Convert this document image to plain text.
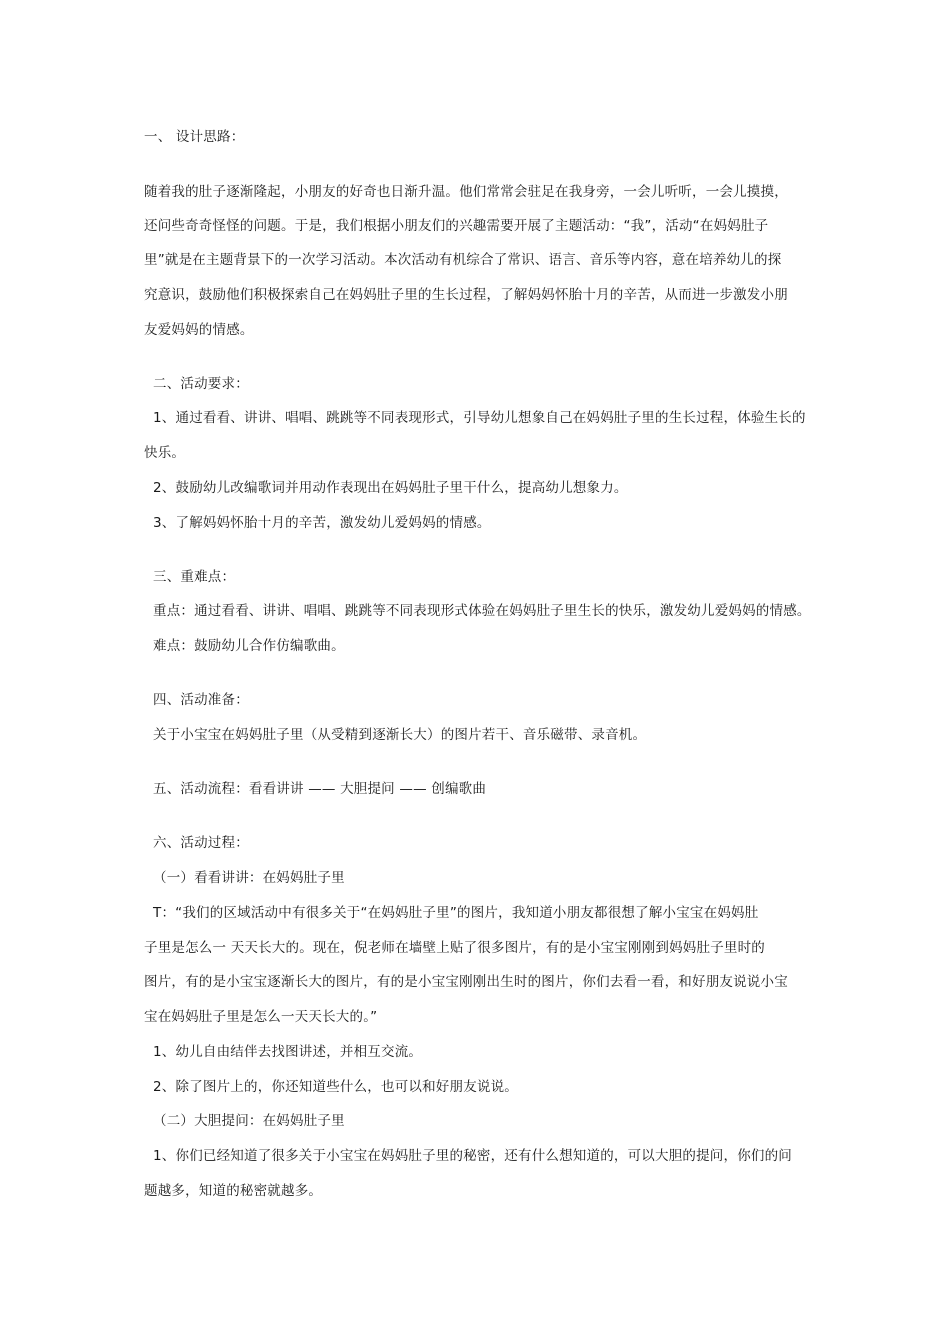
一、 设计思路：
随着我的肚子逐渐隆起，小朋友的好奇也日渐升温。他们常常会驻足在我身旁，一会儿听听，一会儿摸摸，
还问些奇奇怪怪的问题。于是，我们根据小朋友们的兴趣需要开展了主题活动：“我”，活动“在妈妈肚子
里”就是在主题背景下的一次学习活动。本次活动有机综合了常识、语言、音乐等内容，意在培养幼儿的探
究意识，鼓励他们积极探索自己在妈妈肚子里的生长过程，了解妈妈怀胎十月的辛苦，从而进一步激发小朋
友爱妈妈的情感。
二、活动要求：
1、通过看看、讲讲、唱唱、跳跳等不同表现形式，引导幼儿想象自己在妈妈肚子里的生长过程，体验生长的
快乐。
2、鼓励幼儿改编歌词并用动作表现出在妈妈肚子里干什么，提高幼儿想象力。
3、了解妈妈怀胎十月的辛苦，激发幼儿爱妈妈的情感。
三、重难点：
重点：通过看看、讲讲、唱唱、跳跳等不同表现形式体验在妈妈肚子里生长的快乐，激发幼儿爱妈妈的情感。
难点：鼓励幼儿合作仿编歌曲。
四、活动准备：
关于小宝宝在妈妈肚子里（从受精到逐渐长大）的图片若干、音乐磁带、录音机。
五、活动流程：看看讲讲 —— 大胆提问 —— 创编歌曲
六、活动过程：
（一）看看讲讲：在妈妈肚子里
T：“我们的区域活动中有很多关于“在妈妈肚子里”的图片，我知道小朋友都很想了解小宝宝在妈妈肚
子里是怎么一 天天长大的。现在，倪老师在墙壁上贴了很多图片，有的是小宝宝刚刚到妈妈肚子里时的
图片，有的是小宝宝逐渐长大的图片，有的是小宝宝刚刚出生时的图片，你们去看一看，和好朋友说说小宝
宝在妈妈肚子里是怎么一天天长大的。”
1、幼儿自由结伴去找图讲述，并相互交流。
2、除了图片上的，你还知道些什么，也可以和好朋友说说。
（二）大胆提问：在妈妈肚子里
1、你们已经知道了很多关于小宝宝在妈妈肚子里的秘密，还有什么想知道的，可以大胆的提问，你们的问
题越多，知道的秘密就越多。
